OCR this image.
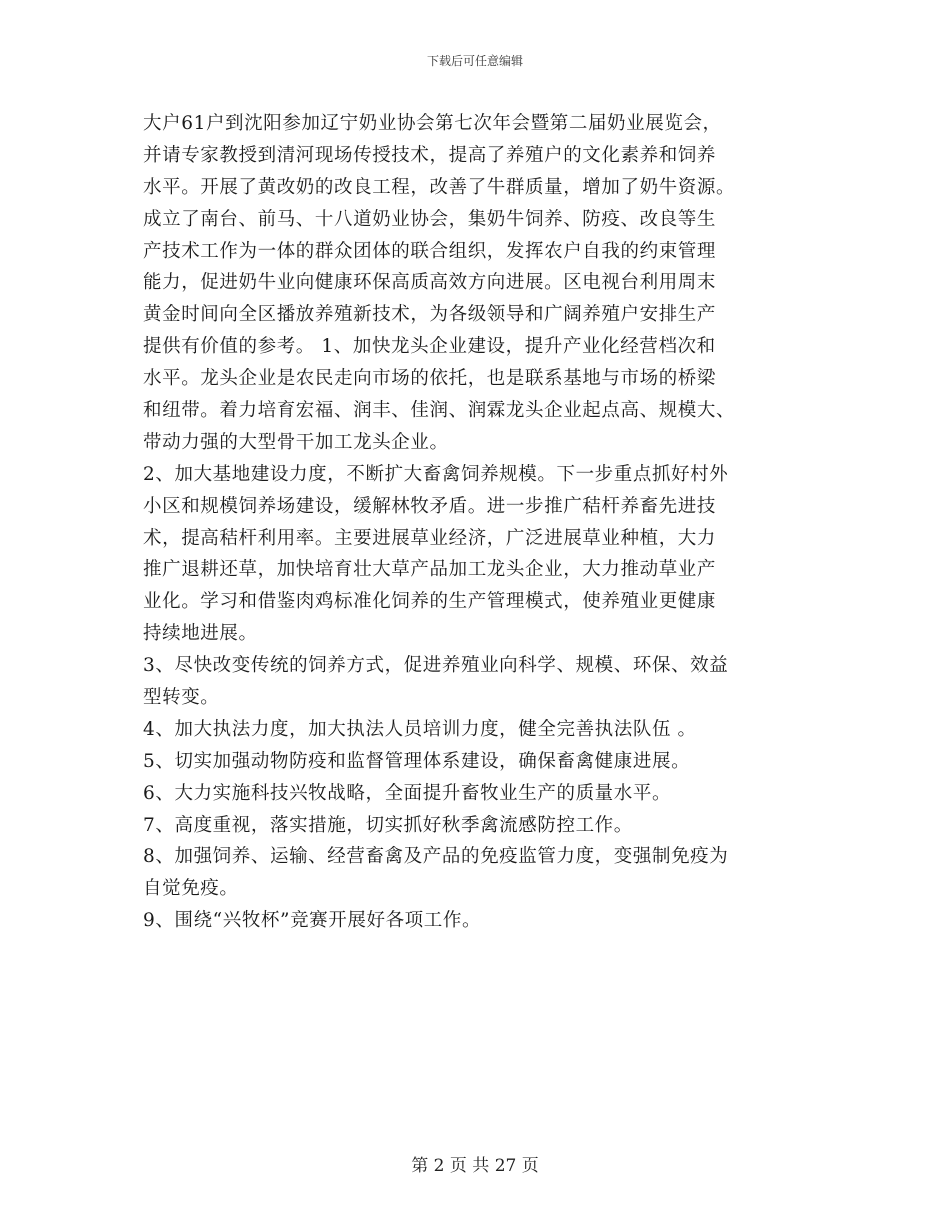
下载后可任意编辑
大户61户到沈阳参加辽宁奶业协会第七次年会暨第二届奶业展览会，
并请专家教授到清河现场传授技术，提高了养殖户的文化素养和饲养
水平。开展了黄改奶的改良工程，改善了牛群质量，增加了奶牛资源。
成立了南台、前马、十八道奶业协会，集奶牛饲养、防疫、改良等生
产技术工作为一体的群众团体的联合组织，发挥农户自我的约束管理
能力，促进奶牛业向健康环保高质高效方向进展。区电视台利用周末
黄金时间向全区播放养殖新技术，为各级领导和广阔养殖户安排生产
提供有价值的参考。 1、加快龙头企业建设，提升产业化经营档次和
水平。龙头企业是农民走向市场的依托，也是联系基地与市场的桥梁
和纽带。着力培育宏福、润丰、佳润、润霖龙头企业起点高、规模大、
带动力强的大型骨干加工龙头企业。
2、加大基地建设力度，不断扩大畜禽饲养规模。下一步重点抓好村外
小区和规模饲养场建设，缓解林牧矛盾。进一步推广秸杆养畜先进技
术，提高秸杆利用率。主要进展草业经济，广泛进展草业种植，大力
推广退耕还草，加快培育壮大草产品加工龙头企业，大力推动草业产
业化。学习和借鉴肉鸡标准化饲养的生产管理模式，使养殖业更健康
持续地进展。
3、尽快改变传统的饲养方式，促进养殖业向科学、规模、环保、效益
型转变。
4、加大执法力度，加大执法人员培训力度，健全完善执法队伍 。
5、切实加强动物防疫和监督管理体系建设，确保畜禽健康进展。
6、大力实施科技兴牧战略，全面提升畜牧业生产的质量水平。
7、高度重视，落实措施，切实抓好秋季禽流感防控工作。
8、加强饲养、运输、经营畜禽及产品的免疫监管力度，变强制免疫为
自觉免疫。
9、围绕“兴牧杯”竞赛开展好各项工作。
第 2 页 共 27 页
